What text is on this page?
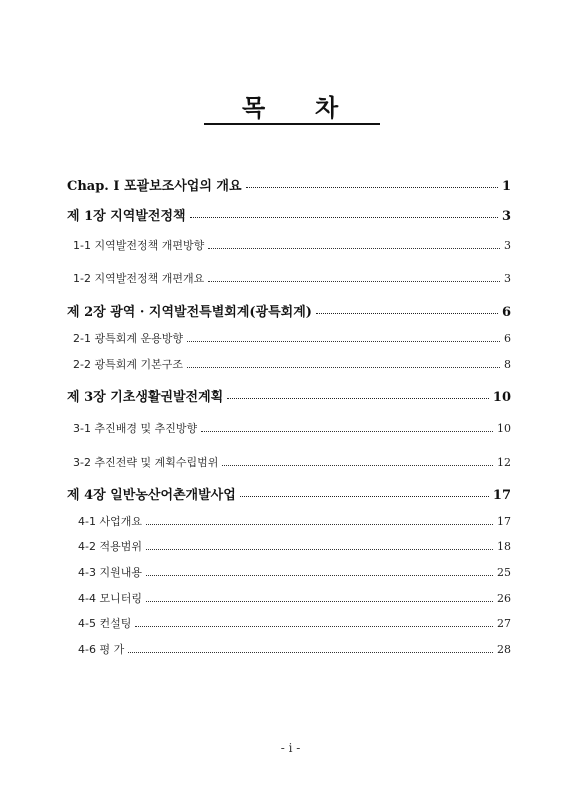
목 차
Chap. Ⅰ 포괄보조사업의 개요	1
제 1장 지역발전정책	3
1-1 지역발전정책 개편방향	3
1-2 지역발전정책 개편개요	3
제 2장 광역 · 지역발전특별회계(광특회계)	6
2-1 광특회계 운용방향	6
2-2 광특회계 기본구조	8
제 3장 기초생활권발전계획	10
3-1 추진배경 및 추진방향	10
3-2 추진전략 및 계획수립범위	12
제 4장 일반농산어촌개발사업	17
4-1 사업개요	17
4-2 적용범위	18
4-3 지원내용	25
4-4 모니터링	26
4-5 컨설팅	27
4-6 평 가	28
- i -
